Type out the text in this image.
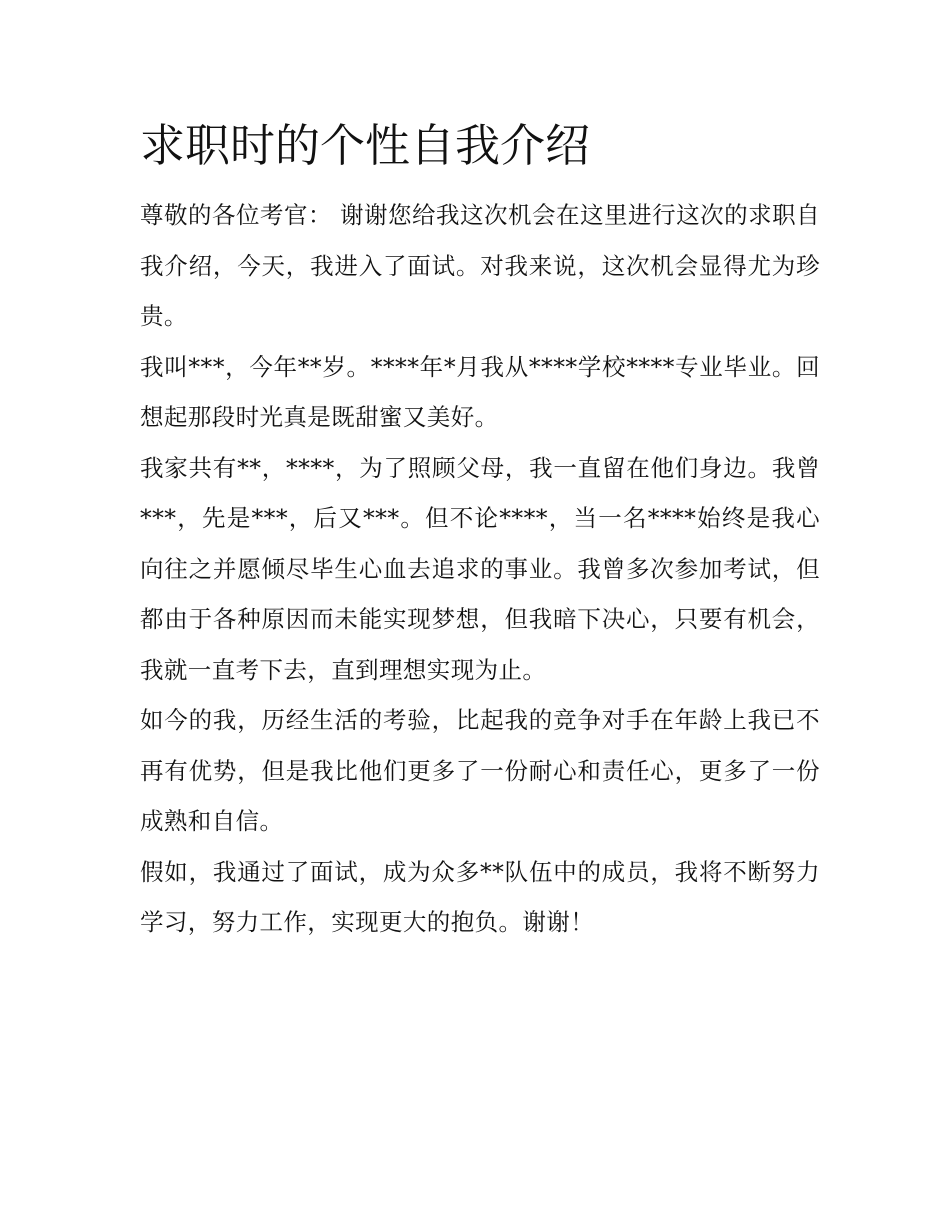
求职时的个性自我介绍

尊敬的各位考官： 谢谢您给我这次机会在这里进行这次的求职自我介绍，今天，我进入了面试。对我来说，这次机会显得尤为珍贵。

我叫***，今年**岁。****年*月我从****学校****专业毕业。回想起那段时光真是既甜蜜又美好。

我家共有**，****，为了照顾父母，我一直留在他们身边。我曾***，先是***，后又***。但不论****，当一名****始终是我心向往之并愿倾尽毕生心血去追求的事业。我曾多次参加考试，但都由于各种原因而未能实现梦想，但我暗下决心，只要有机会，我就一直考下去，直到理想实现为止。

如今的我，历经生活的考验，比起我的竞争对手在年龄上我已不再有优势，但是我比他们更多了一份耐心和责任心，更多了一份成熟和自信。

假如，我通过了面试，成为众多**队伍中的成员，我将不断努力学习，努力工作，实现更大的抱负。谢谢！
